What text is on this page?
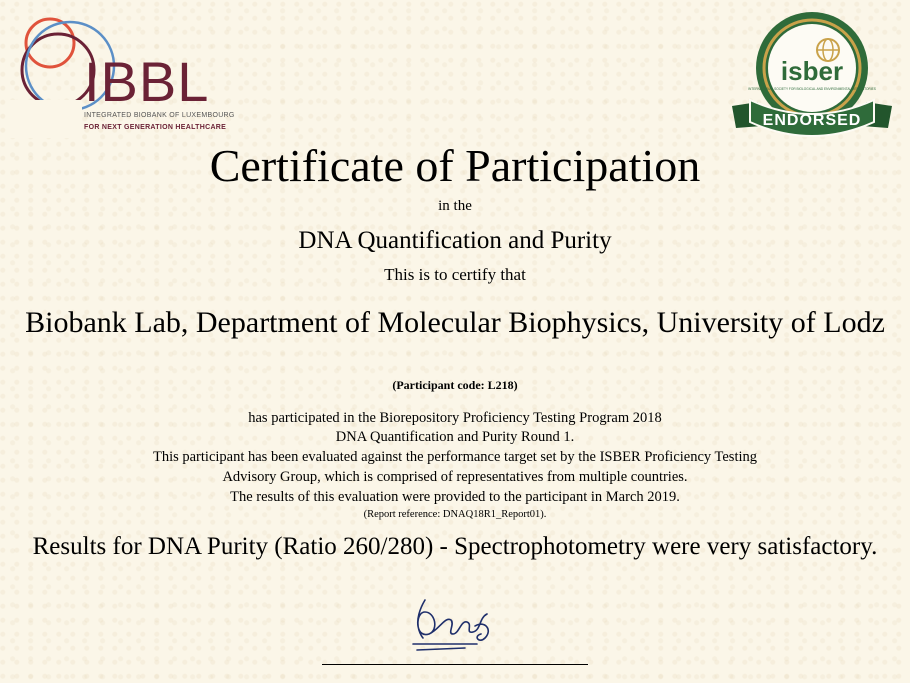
IBBL
INTEGRATED BIOBANK OF LUXEMBOURG
FOR NEXT GENERATION HEALTHCARE
isber
INTERNATIONAL SOCIETY FOR BIOLOGICAL AND ENVIRONMENTAL REPOSITORIES
ENDORSED
Certificate of Participation
in the
DNA Quantification and Purity
This is to certify that
Biobank Lab, Department of Molecular Biophysics, University of Lodz
(Participant code: L218)
has participated in the Biorepository Proficiency Testing Program 2018
DNA Quantification and Purity Round 1.
This participant has been evaluated against the performance target set by the ISBER Proficiency Testing
Advisory Group, which is comprised of representatives from multiple countries.
The results of this evaluation were provided to the participant in March 2019.
(Report reference: DNAQ18R1_Report01).
Results for DNA Purity (Ratio 260/280) - Spectrophotometry were very satisfactory.
